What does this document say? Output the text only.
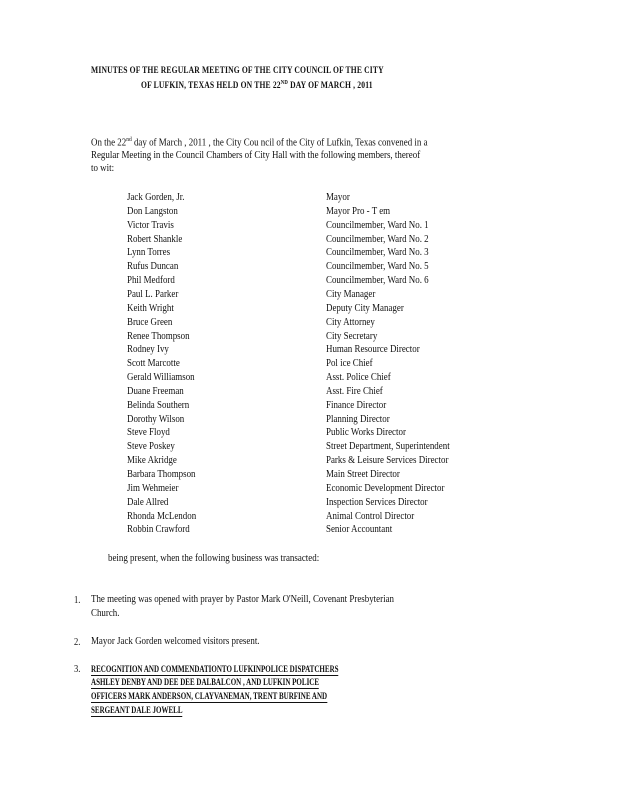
MINUTES OF THE REGULAR MEETING OF THE CITY COUNCIL OF THE CITY
OF LUFKIN, TEXAS HELD ON THE 22ND DAY OF MARCH , 2011
On the 22nd day of March , 2011 , the City Cou ncil of the City of Lufkin, Texas convened in a
Regular Meeting in the Council Chambers of City Hall with the following members, thereof
to wit:
Jack Gorden, Jr.	Mayor
Don Langston	Mayor Pro - T em
Victor Travis	Councilmember, Ward No. 1
Robert Shankle	Councilmember, Ward No. 2
Lynn Torres	Councilmember, Ward No. 3
Rufus Duncan	Councilmember, Ward No. 5
Phil Medford	Councilmember, Ward No. 6
Paul L. Parker	City Manager
Keith Wright	Deputy City Manager
Bruce Green	City Attorney
Renee Thompson	City Secretary
Rodney Ivy	Human Resource Director
Scott Marcotte	Pol ice Chief
Gerald Williamson	Asst. Police Chief
Duane Freeman	Asst. Fire Chief
Belinda Southern	Finance Director
Dorothy Wilson	Planning Director
Steve Floyd	Public Works Director
Steve Poskey	Street Department, Superintendent
Mike Akridge	Parks & Leisure Services Director
Barbara Thompson	Main Street Director
Jim Wehmeier	Economic Development Director
Dale Allred	Inspection Services Director
Rhonda McLendon	Animal Control Director
Robbin Crawford	Senior Accountant
being present, when the following business was transacted:
1. The meeting was opened with prayer by Pastor Mark O'Neill, Covenant Presbyterian
Church.
2. Mayor Jack Gorden welcomed visitors present.
3. RECOGNITION AND COMMENDATIONTO LUFKINPOLICE DISPATCHERS
ASHLEY DENBY AND DEE DEE DALBALCON , AND LUFKIN POLICE
OFFICERS MARK ANDERSON, CLAYVANEMAN, TRENT BURFINE AND
SERGEANT DALE JOWELL
